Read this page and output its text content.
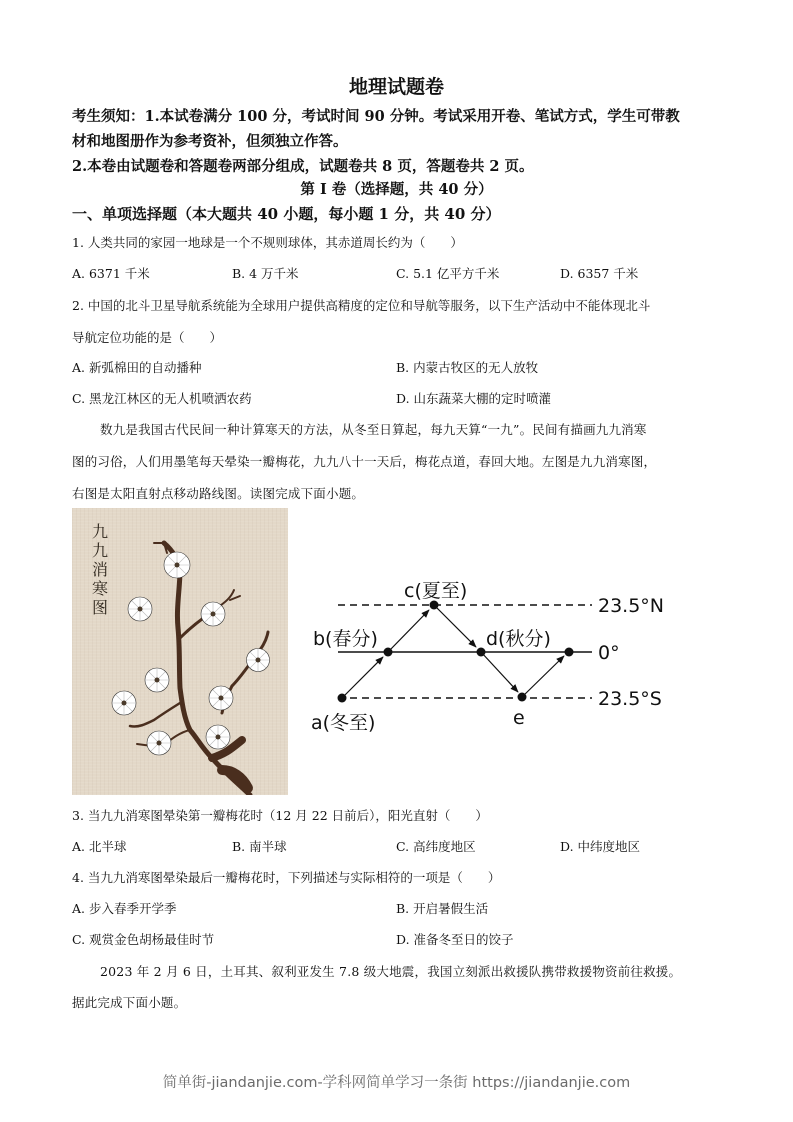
地理试题卷
考生须知：1.本试卷满分 100 分，考试时间 90 分钟。考试采用开卷、笔试方式，学生可带教
材和地图册作为参考资补，但须独立作答。
2.本卷由试题卷和答题卷两部分组成，试题卷共 8 页，答题卷共 2 页。
第 I 卷（选择题，共 40 分）
一、单项选择题（本大题共 40 小题，每小题 1 分，共 40 分）
1. 人类共同的家园一地球是一个不规则球体，其赤道周长约为（　　）
A. 6371 千米	B. 4 万千米	C. 5.1 亿平方千米	D. 6357 千米
2. 中国的北斗卫星导航系统能为全球用户提供高精度的定位和导航等服务，以下生产活动中不能体现北斗
导航定位功能的是（　　）
A. 新弧棉田的自动播种	B. 内蒙古牧区的无人放牧
C. 黑龙江林区的无人机喷洒农药	D. 山东蔬菜大棚的定时喷灌
数九是我国古代民间一种计算寒天的方法，从冬至日算起，每九天算“一九”。民间有描画九九消寒
图的习俗，人们用墨笔每天晕染一瓣梅花，九九八十一天后，梅花点道，春回大地。左图是九九消寒图，
右图是太阳直射点移动路线图。读图完成下面小题。
九九消寒图
c(夏至)
b(春分)	d(秋分)
a(冬至)	e
23.5°N
0°
23.5°S
3. 当九九消寒图晕染第一瓣梅花时（12 月 22 日前后），阳光直射（　　）
A. 北半球	B. 南半球	C. 高纬度地区	D. 中纬度地区
4. 当九九消寒图晕染最后一瓣梅花时，下列描述与实际相符的一项是（　　）
A. 步入春季开学季	B. 开启暑假生活
C. 观赏金色胡杨最佳时节	D. 准备冬至日的饺子
2023 年 2 月 6 日，土耳其、叙利亚发生 7.8 级大地震，我国立刻派出救援队携带救援物资前往救援。
据此完成下面小题。
简单街-jiandanjie.com-学科网简单学习一条街 https://jiandanjie.com
